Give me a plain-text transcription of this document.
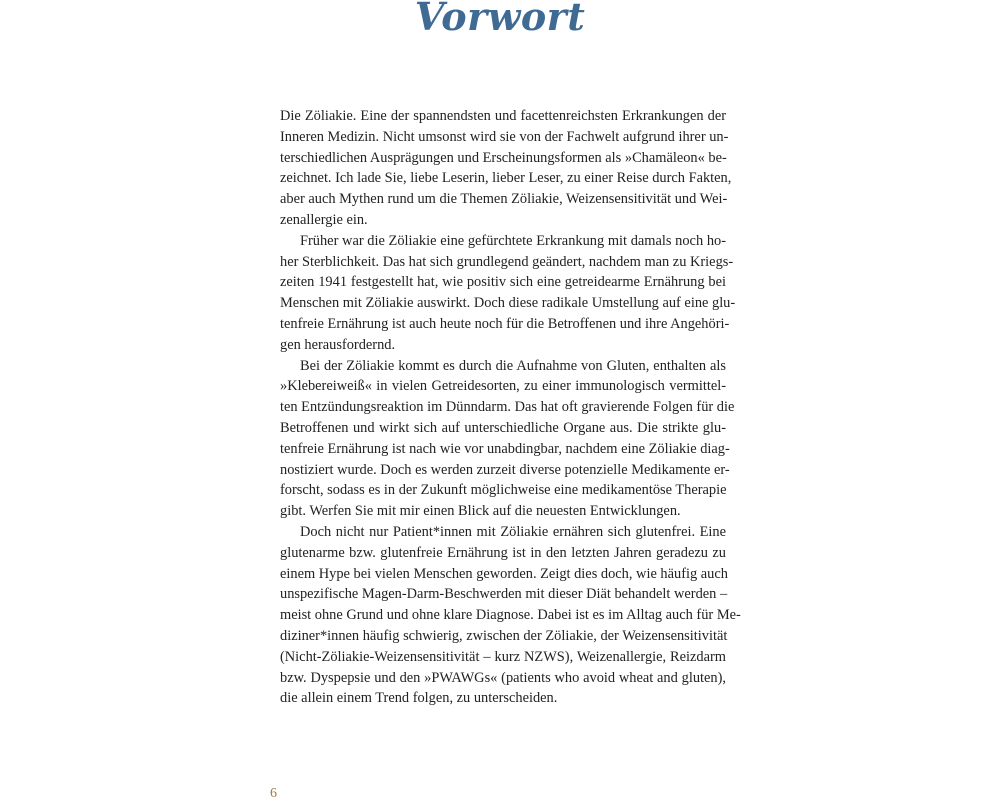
Vorwort

Die Zöliakie. Eine der spannendsten und facettenreichsten Erkrankungen der
Inneren Medizin. Nicht umsonst wird sie von der Fachwelt aufgrund ihrer un-
terschiedlichen Ausprägungen und Erscheinungsformen als »Chamäleon« be-
zeichnet. Ich lade Sie, liebe Leserin, lieber Leser, zu einer Reise durch Fakten,
aber auch Mythen rund um die Themen Zöliakie, Weizensensitivität und Wei-
zenallergie ein.

Früher war die Zöliakie eine gefürchtete Erkrankung mit damals noch ho-
her Sterblichkeit. Das hat sich grundlegend geändert, nachdem man zu Kriegs-
zeiten 1941 festgestellt hat, wie positiv sich eine getreidearme Ernährung bei
Menschen mit Zöliakie auswirkt. Doch diese radikale Umstellung auf eine glu-
tenfreie Ernährung ist auch heute noch für die Betroffenen und ihre Angehöri-
gen herausfordernd.

Bei der Zöliakie kommt es durch die Aufnahme von Gluten, enthalten als
»Klebereiweiß« in vielen Getreidesorten, zu einer immunologisch vermittel-
ten Entzündungsreaktion im Dünndarm. Das hat oft gravierende Folgen für die
Betroffenen und wirkt sich auf unterschiedliche Organe aus. Die strikte glu-
tenfreie Ernährung ist nach wie vor unabdingbar, nachdem eine Zöliakie diag-
nostiziert wurde. Doch es werden zurzeit diverse potenzielle Medikamente er-
forscht, sodass es in der Zukunft möglichweise eine medikamentöse Therapie
gibt. Werfen Sie mit mir einen Blick auf die neuesten Entwicklungen.

Doch nicht nur Patient*innen mit Zöliakie ernähren sich glutenfrei. Eine
glutenarme bzw. glutenfreie Ernährung ist in den letzten Jahren geradezu zu
einem Hype bei vielen Menschen geworden. Zeigt dies doch, wie häufig auch
unspezifische Magen-Darm-Beschwerden mit dieser Diät behandelt werden –
meist ohne Grund und ohne klare Diagnose. Dabei ist es im Alltag auch für Me-
diziner*innen häufig schwierig, zwischen der Zöliakie, der Weizensensitivität
(Nicht-Zöliakie-Weizensensitivität – kurz NZWS), Weizenallergie, Reizdarm
bzw. Dyspepsie und den »PWAWGs« (patients who avoid wheat and gluten),
die allein einem Trend folgen, zu unterscheiden.

6
